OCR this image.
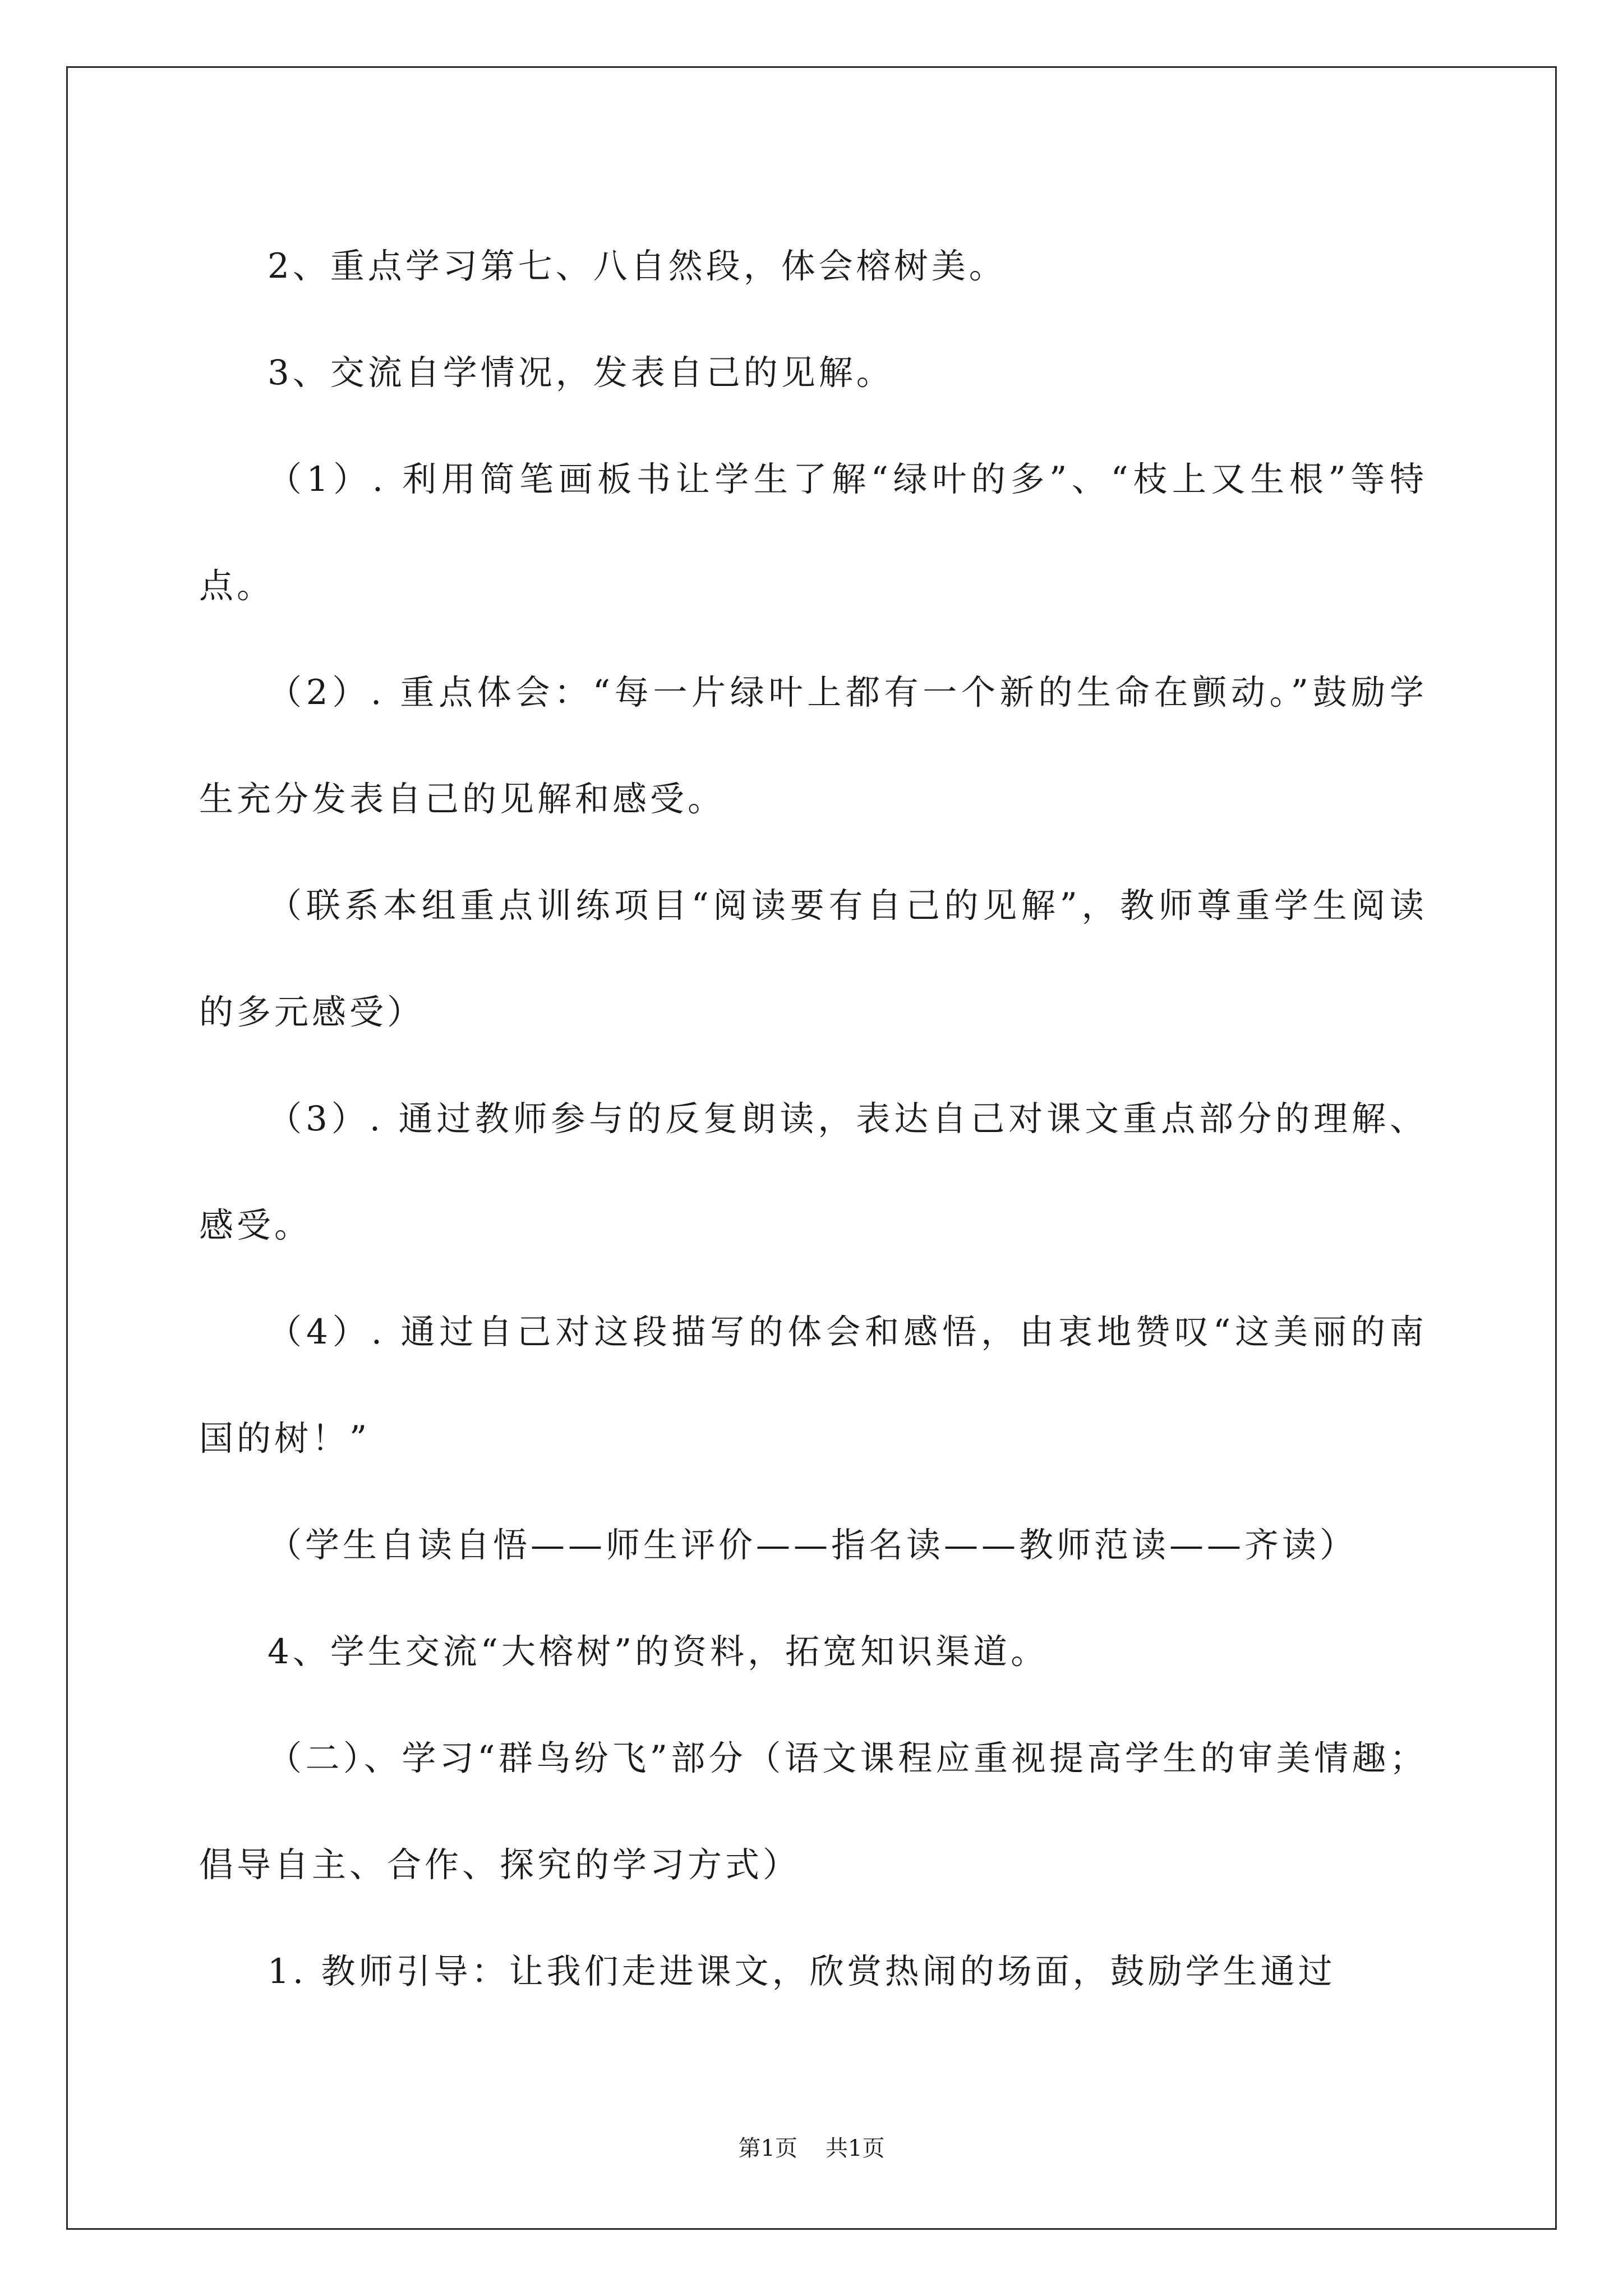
2、重点学习第七、八自然段，体会榕树美。

3、交流自学情况，发表自己的见解。

（1）. 利用简笔画板书让学生了解“绿叶的多”、“枝上又生根”等特点。

（2）. 重点体会：“每一片绿叶上都有一个新的生命在颤动。”鼓励学生充分发表自己的见解和感受。

（联系本组重点训练项目“阅读要有自己的见解”，教师尊重学生阅读的多元感受）

（3）. 通过教师参与的反复朗读，表达自己对课文重点部分的理解、感受。

（4）. 通过自己对这段描写的体会和感悟，由衷地赞叹“这美丽的南国的树！”

（学生自读自悟——师生评价——指名读——教师范读——齐读）

4、学生交流“大榕树”的资料，拓宽知识渠道。

（二）、学习“群鸟纷飞”部分（语文课程应重视提高学生的审美情趣；倡导自主、合作、探究的学习方式）

1. 教师引导：让我们走进课文，欣赏热闹的场面，鼓励学生通过

第1页 共1页
